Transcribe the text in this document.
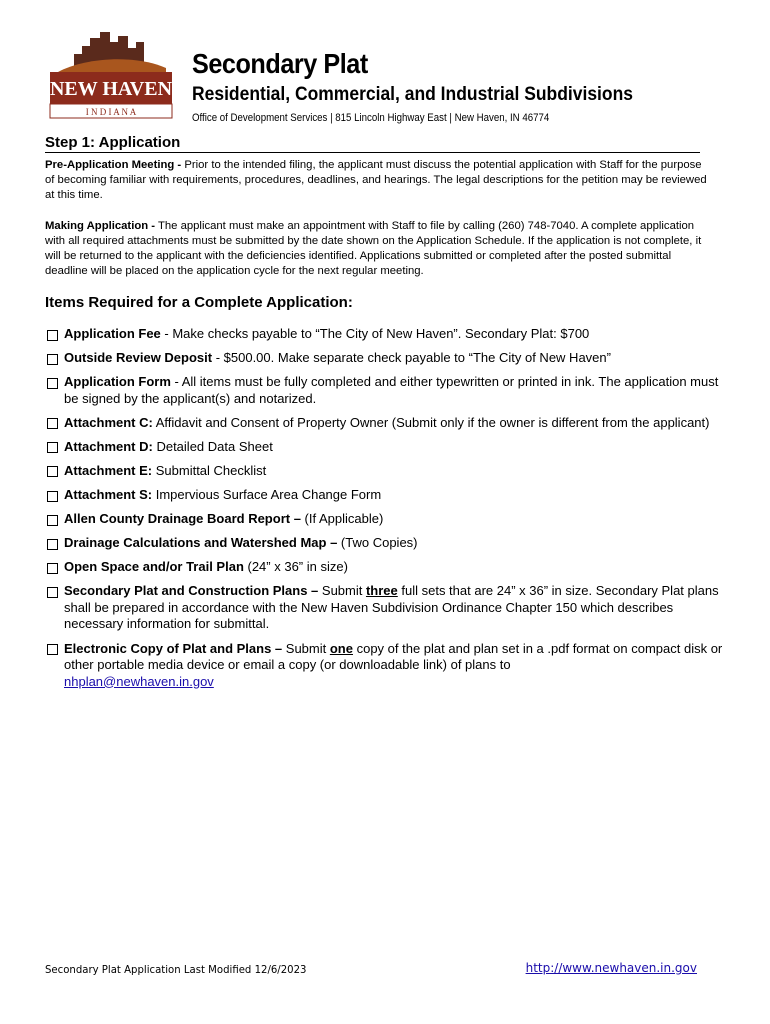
NEW HAVEN
I N D I A N A
Secondary Plat
Residential, Commercial, and Industrial Subdivisions
Office of Development Services | 815 Lincoln Highway East | New Haven, IN 46774
Step 1: Application

Pre-Application Meeting - Prior to the intended filing, the applicant must discuss the potential application with Staff for the purpose of becoming familiar with requirements, procedures, deadlines, and hearings. The legal descriptions for the petition may be reviewed at this time.

Making Application - The applicant must make an appointment with Staff to file by calling (260) 748-7040. A complete application with all required attachments must be submitted by the date shown on the Application Schedule. If the application is not complete, it will be returned to the applicant with the deficiencies identified. Applications submitted or completed after the posted submittal deadline will be placed on the application cycle for the next regular meeting.

Items Required for a Complete Application:
Application Fee - Make checks payable to “The City of New Haven”. Secondary Plat: $700
Outside Review Deposit - $500.00. Make separate check payable to “The City of New Haven”
Application Form - All items must be fully completed and either typewritten or printed in ink. The application must be signed by the applicant(s) and notarized.
Attachment C: Affidavit and Consent of Property Owner (Submit only if the owner is different from the applicant)
Attachment D: Detailed Data Sheet
Attachment E: Submittal Checklist
Attachment S: Impervious Surface Area Change Form
Allen County Drainage Board Report – (If Applicable)
Drainage Calculations and Watershed Map – (Two Copies)
Open Space and/or Trail Plan (24” x 36” in size)
Secondary Plat and Construction Plans – Submit three full sets that are 24” x 36” in size. Secondary Plat plans shall be prepared in accordance with the New Haven Subdivision Ordinance Chapter 150 which describes necessary information for submittal.
Electronic Copy of Plat and Plans – Submit one copy of the plat and plan set in a .pdf format on compact disk or other portable media device or email a copy (or downloadable link) of plans to
nhplan@newhaven.in.gov
Secondary Plat Application Last Modified 12/6/2023	http://www.newhaven.in.gov
